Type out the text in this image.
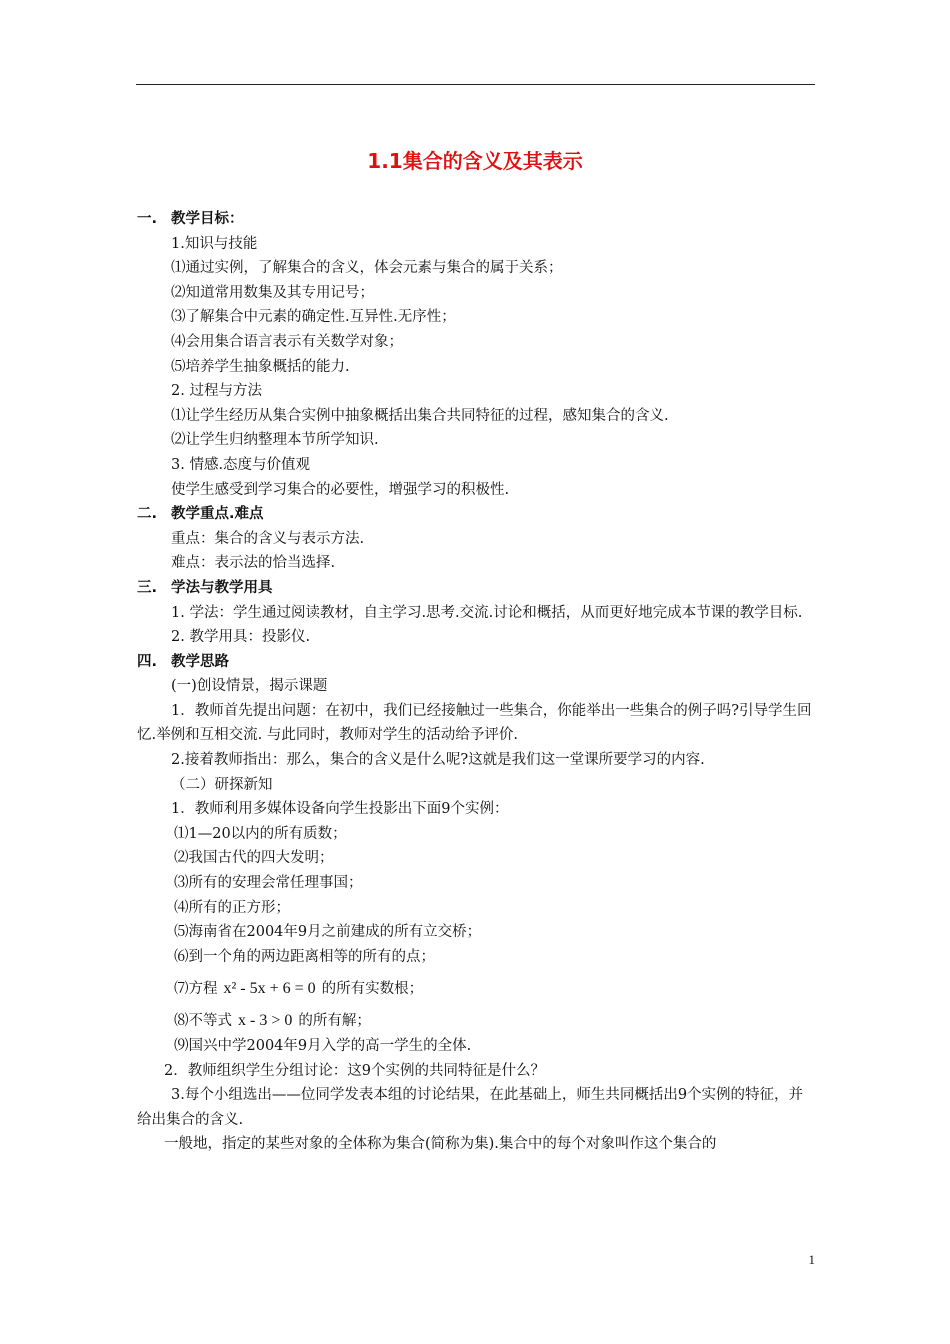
1.1集合的含义及其表示
一. 教学目标：
1.知识与技能
⑴通过实例，了解集合的含义，体会元素与集合的属于关系；
⑵知道常用数集及其专用记号；
⑶了解集合中元素的确定性.互异性.无序性；
⑷会用集合语言表示有关数学对象；
⑸培养学生抽象概括的能力.
2. 过程与方法
⑴让学生经历从集合实例中抽象概括出集合共同特征的过程，感知集合的含义.
⑵让学生归纳整理本节所学知识.
3. 情感.态度与价值观
使学生感受到学习集合的必要性，增强学习的积极性.
二. 教学重点.难点
重点：集合的含义与表示方法.
难点：表示法的恰当选择.
三. 学法与教学用具
1. 学法：学生通过阅读教材，自主学习.思考.交流.讨论和概括，从而更好地完成本节课的教学目标.
2. 教学用具：投影仪.
四. 教学思路
(一)创设情景，揭示课题
1．教师首先提出问题：在初中，我们已经接触过一些集合，你能举出一些集合的例子吗?引导学生回忆.举例和互相交流. 与此同时，教师对学生的活动给予评价.
2.接着教师指出：那么，集合的含义是什么呢?这就是我们这一堂课所要学习的内容.
（二）研探新知
1．教师利用多媒体设备向学生投影出下面9个实例：
⑴1—20以内的所有质数；
⑵我国古代的四大发明；
⑶所有的安理会常任理事国；
⑷所有的正方形；
⑸海南省在2004年9月之前建成的所有立交桥；
⑹到一个角的两边距离相等的所有的点；
⑺方程 x² - 5x + 6 = 0 的所有实数根；
⑻不等式 x - 3 > 0 的所有解；
⑼国兴中学2004年9月入学的高一学生的全体.
2．教师组织学生分组讨论：这9个实例的共同特征是什么？
3.每个小组选出——位同学发表本组的讨论结果，在此基础上，师生共同概括出9个实例的特征，并给出集合的含义.
一般地，指定的某些对象的全体称为集合(简称为集).集合中的每个对象叫作这个集合的
1
